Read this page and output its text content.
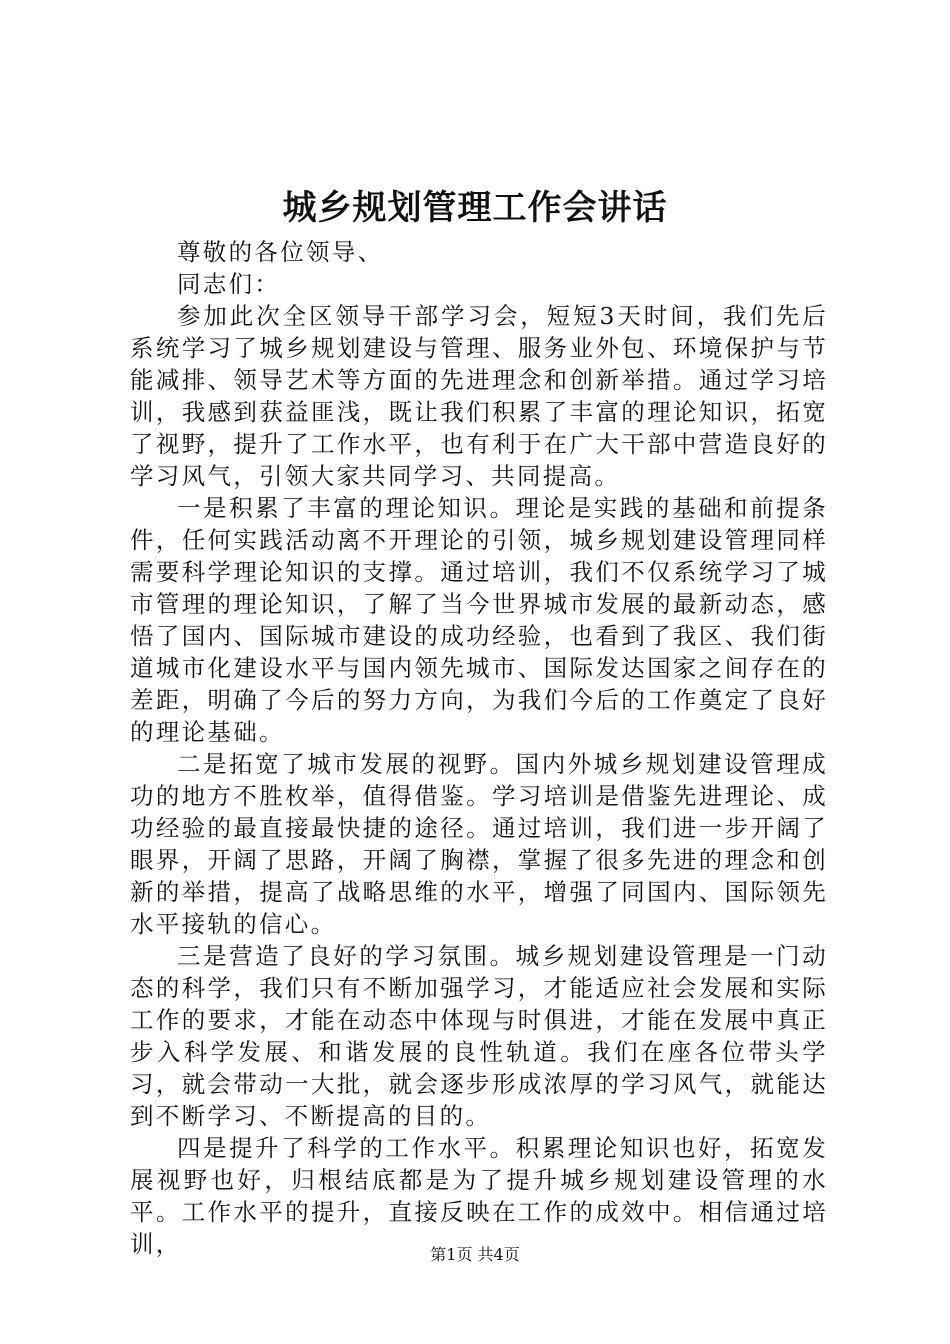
城乡规划管理工作会讲话

尊敬的各位领导、

同志们：

参加此次全区领导干部学习会，短短3天时间，我们先后系统学习了城乡规划建设与管理、服务业外包、环境保护与节能减排、领导艺术等方面的先进理念和创新举措。通过学习培训，我感到获益匪浅，既让我们积累了丰富的理论知识，拓宽了视野，提升了工作水平，也有利于在广大干部中营造良好的学习风气，引领大家共同学习、共同提高。

一是积累了丰富的理论知识。理论是实践的基础和前提条件，任何实践活动离不开理论的引领，城乡规划建设管理同样需要科学理论知识的支撑。通过培训，我们不仅系统学习了城市管理的理论知识，了解了当今世界城市发展的最新动态，感悟了国内、国际城市建设的成功经验，也看到了我区、我们街道城市化建设水平与国内领先城市、国际发达国家之间存在的差距，明确了今后的努力方向，为我们今后的工作奠定了良好的理论基础。

二是拓宽了城市发展的视野。国内外城乡规划建设管理成功的地方不胜枚举，值得借鉴。学习培训是借鉴先进理论、成功经验的最直接最快捷的途径。通过培训，我们进一步开阔了眼界，开阔了思路，开阔了胸襟，掌握了很多先进的理念和创新的举措，提高了战略思维的水平，增强了同国内、国际领先水平接轨的信心。

三是营造了良好的学习氛围。城乡规划建设管理是一门动态的科学，我们只有不断加强学习，才能适应社会发展和实际工作的要求，才能在动态中体现与时俱进，才能在发展中真正步入科学发展、和谐发展的良性轨道。我们在座各位带头学习，就会带动一大批，就会逐步形成浓厚的学习风气，就能达到不断学习、不断提高的目的。

四是提升了科学的工作水平。积累理论知识也好，拓宽发展视野也好，归根结底都是为了提升城乡规划建设管理的水平。工作水平的提升，直接反映在工作的成效中。相信通过培训，	第1页 共4页
